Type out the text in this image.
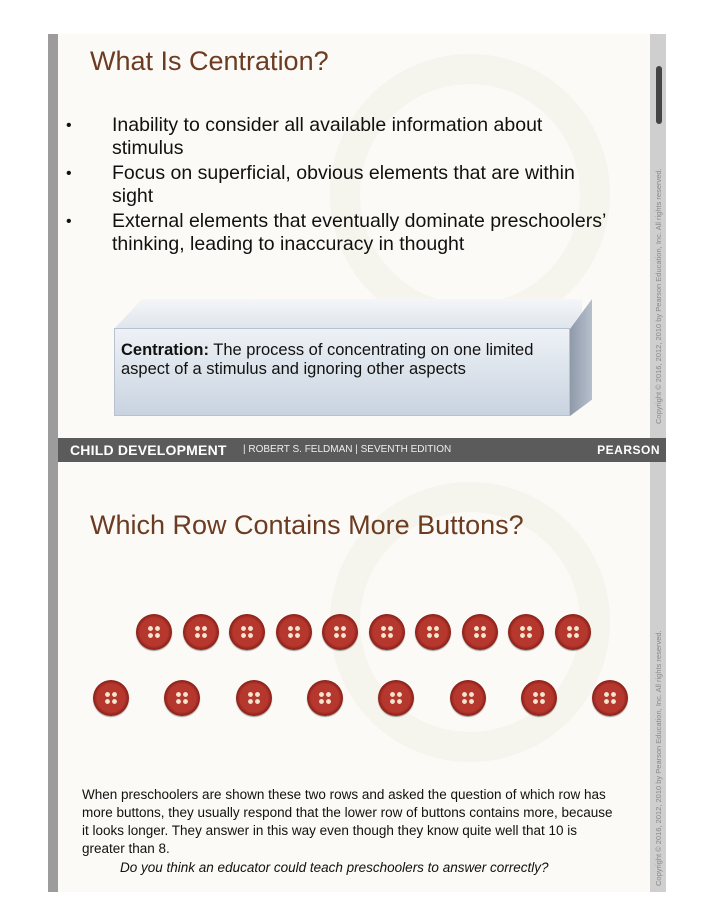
What Is Centration?
• Inability to consider all available information about stimulus
• Focus on superficial, obvious elements that are within sight
• External elements that eventually dominate preschoolers’ thinking, leading to inaccuracy in thought
Centration: The process of concentrating on one limited aspect of a stimulus and ignoring other aspects	Copyright © 2016, 2012, 2010 by Pearson Education, Inc. All rights reserved.
CHILD DEVELOPMENT | ROBERT S. FELDMAN | SEVENTH EDITION	PEARSON
Which Row Contains More Buttons?
When preschoolers are shown these two rows and asked the question of which row has more buttons, they usually respond that the lower row of buttons contains more, because it looks longer. They answer in this way even though they know quite well that 10 is greater than 8.
Do you think an educator could teach preschoolers to answer correctly?	Copyright © 2016, 2012, 2010 by Pearson Education, Inc. All rights reserved.
